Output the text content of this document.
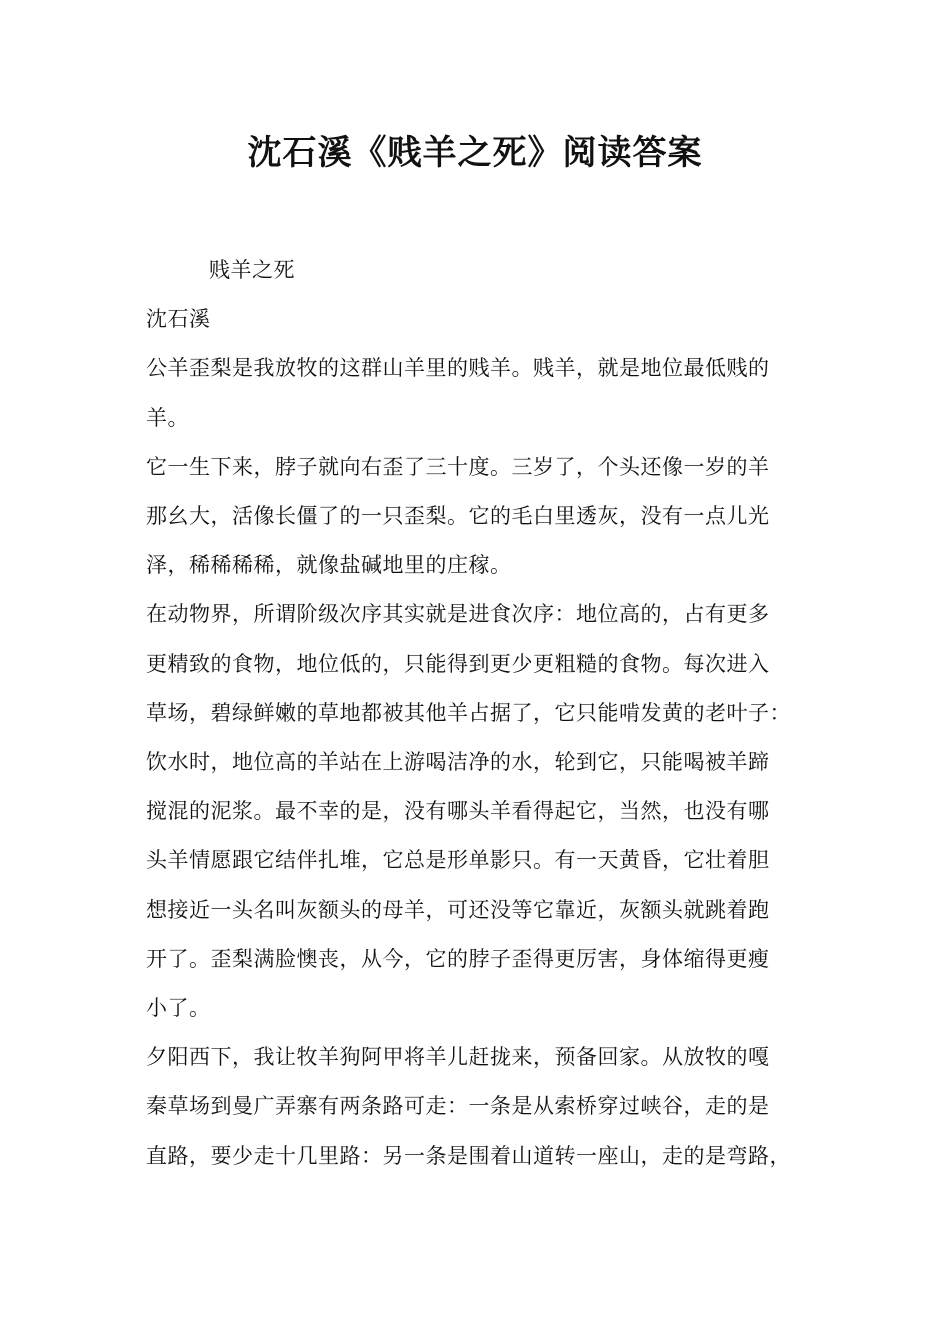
沈石溪《贱羊之死》阅读答案

贱羊之死

沈石溪

公羊歪梨是我放牧的这群山羊里的贱羊。贱羊，就是地位最低贱的

羊。

它一生下来，脖子就向右歪了三十度。三岁了，个头还像一岁的羊

那幺大，活像长僵了的一只歪梨。它的毛白里透灰，没有一点儿光

泽，稀稀稀稀，就像盐碱地里的庄稼。

在动物界，所谓阶级次序其实就是进食次序：地位高的，占有更多

更精致的食物，地位低的，只能得到更少更粗糙的食物。每次进入

草场，碧绿鲜嫩的草地都被其他羊占据了，它只能啃发黄的老叶子：

饮水时，地位高的羊站在上游喝洁净的水，轮到它，只能喝被羊蹄

搅混的泥浆。最不幸的是，没有哪头羊看得起它，当然，也没有哪

头羊情愿跟它结伴扎堆，它总是形单影只。有一天黄昏，它壮着胆

想接近一头名叫灰额头的母羊，可还没等它靠近，灰额头就跳着跑

开了。歪梨满脸懊丧，从今，它的脖子歪得更厉害，身体缩得更瘦

小了。

夕阳西下，我让牧羊狗阿甲将羊儿赶拢来，预备回家。从放牧的嘎

秦草场到曼广弄寨有两条路可走：一条是从索桥穿过峡谷，走的是

直路，要少走十几里路：另一条是围着山道转一座山，走的是弯路，
